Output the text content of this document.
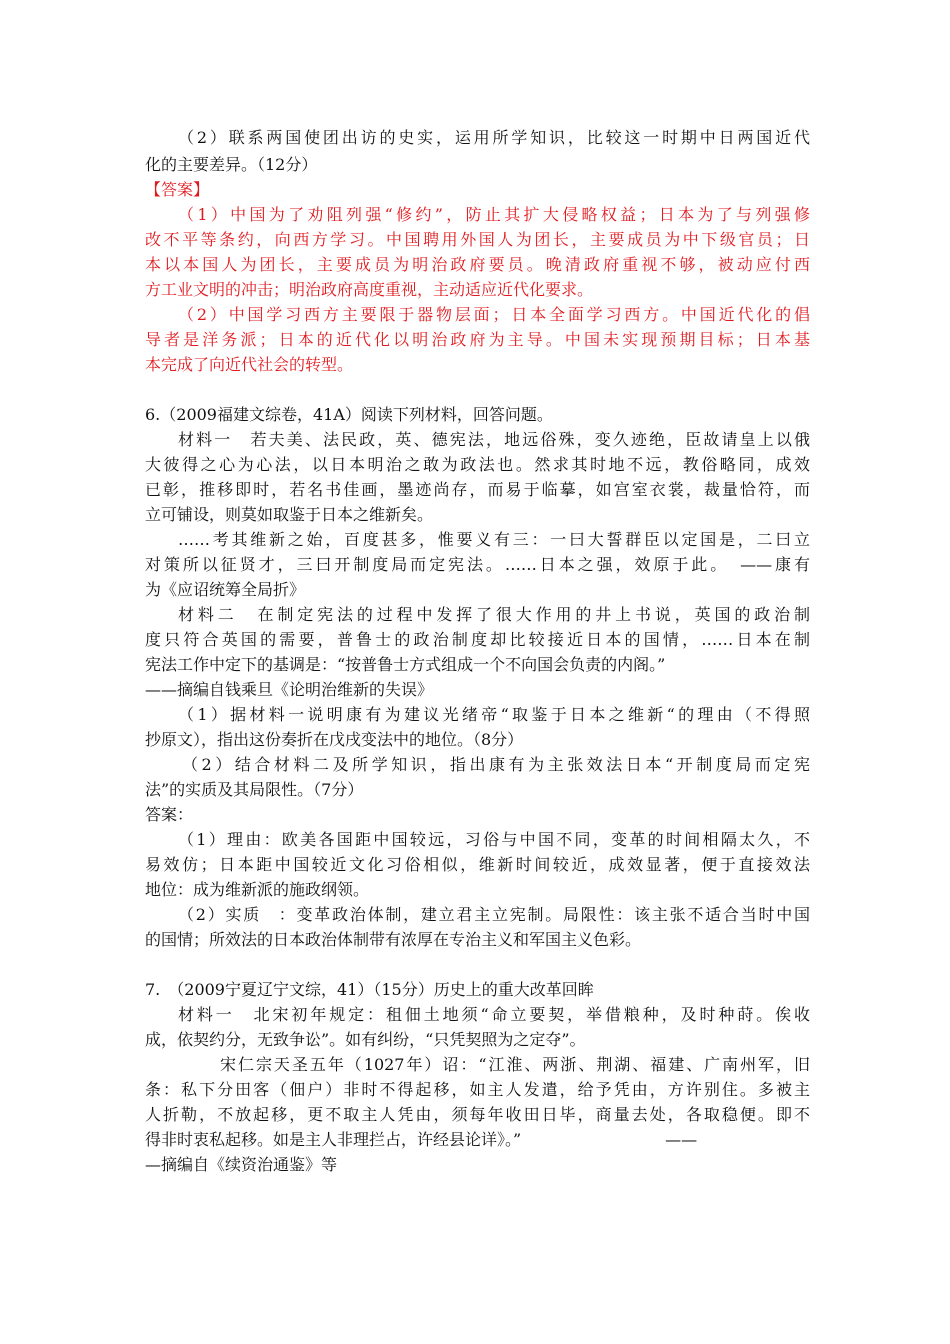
（2）联系两国使团出访的史实，运用所学知识，比较这一时期中日两国近代
化的主要差异。（12分）
【答案】
（1）中国为了劝阻列强“修约”，防止其扩大侵略权益；日本为了与列强修
改不平等条约，向西方学习。中国聘用外国人为团长，主要成员为中下级官员；日
本以本国人为团长，主要成员为明治政府要员。晚清政府重视不够，被动应付西
方工业文明的冲击；明治政府高度重视，主动适应近代化要求。
（2）中国学习西方主要限于器物层面；日本全面学习西方。中国近代化的倡
导者是洋务派；日本的近代化以明治政府为主导。中国未实现预期目标；日本基
本完成了向近代社会的转型。
6.（2009福建文综卷，41A）阅读下列材料，回答问题。
材料一　若夫美、法民政，英、德宪法，地远俗殊，变久迹绝，臣故请皇上以俄
大彼得之心为心法，以日本明治之敢为政法也。然求其时地不远，教俗略同，成效
已彰，推移即时，若名书佳画，墨迹尚存，而易于临摹，如宫室衣裳，裁量恰符，而
立可铺设，则莫如取鉴于日本之维新矣。
……考其维新之始，百度甚多，惟要义有三：一曰大誓群臣以定国是，二曰立
对策所以征贤才，三曰开制度局而定宪法。……日本之强，效原于此。　——康有
为《应诏统筹全局折》
材料二　在制定宪法的过程中发挥了很大作用的井上书说，英国的政治制
度只符合英国的需要，普鲁士的政治制度却比较接近日本的国情，……日本在制
宪法工作中定下的基调是：“按普鲁士方式组成一个不向国会负责的内阁。”
——摘编自钱乘旦《论明治维新的失误》
（1）据材料一说明康有为建议光绪帝“取鉴于日本之维新“的理由（不得照
抄原文），指出这份奏折在戊戌变法中的地位。（8分）
（2）结合材料二及所学知识，指出康有为主张效法日本“开制度局而定宪
法”的实质及其局限性。（7分）
答案：
（1）理由：欧美各国距中国较远，习俗与中国不同，变革的时间相隔太久，不
易效仿；日本距中国较近文化习俗相似，维新时间较近，成效显著，便于直接效法
地位：成为维新派的施政纲领。
（2）实质　：变革政治体制，建立君主立宪制。局限性：该主张不适合当时中国
的国情；所效法的日本政治体制带有浓厚在专治主义和军国主义色彩。
7.　（2009宁夏辽宁文综，41）（15分）历史上的重大改革回眸
材料一　北宋初年规定：租佃土地须“命立要契，举借粮种，及时种莳。俟收
成，依契约分，无致争讼”。如有纠纷，“只凭契照为之定夺”。
宋仁宗天圣五年（1027年）诏：“江淮、两浙、荆湖、福建、广南州军，旧
条：私下分田客（佃户）非时不得起移，如主人发遣，给予凭由，方许别住。多被主
人折勒，不放起移，更不取主人凭由，须每年收田日毕，商量去处，各取稳便。即不
得非时衷私起移。如是主人非理拦占，许经县论详》。”　　　　　　　　　——
—摘编自《续资治通鉴》等
